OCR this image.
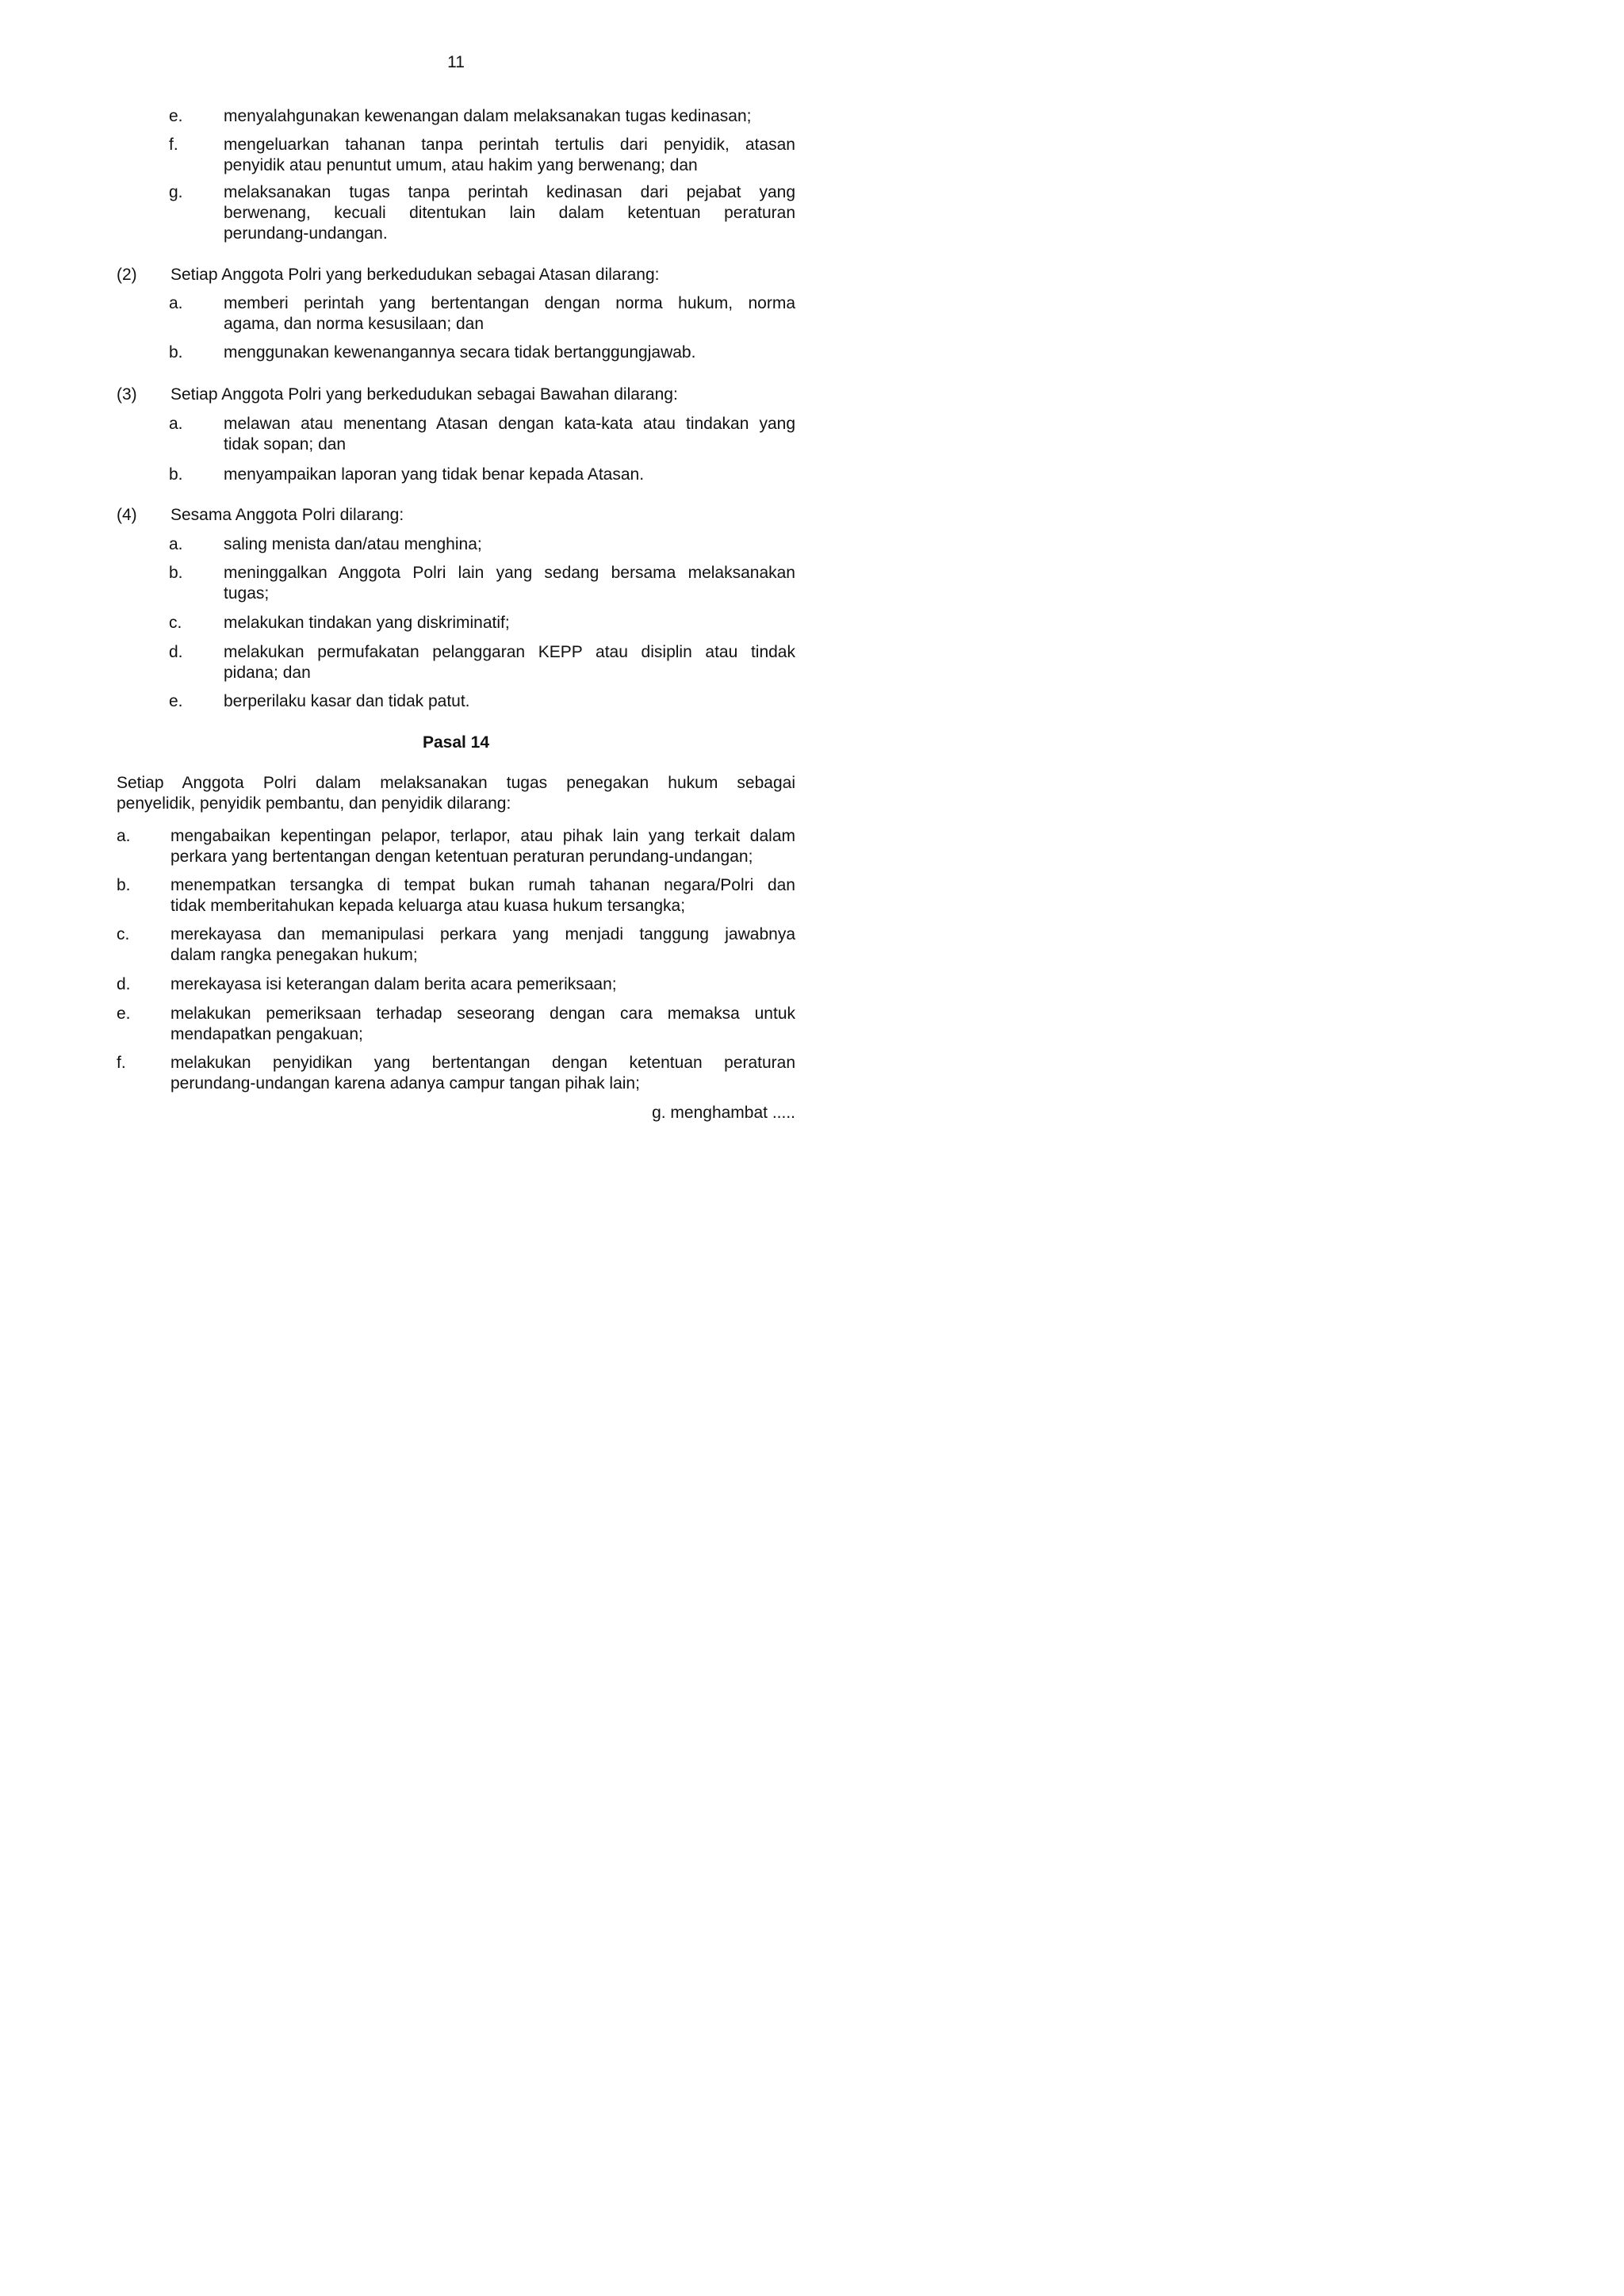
11
e. menyalahgunakan kewenangan dalam melaksanakan tugas kedinasan;
f.	mengeluarkan tahanan tanpa perintah tertulis dari penyidik, atasan
penyidik atau penuntut umum, atau hakim yang berwenang; dan
g. melaksanakan tugas tanpa perintah kedinasan dari pejabat yang
berwenang, kecuali ditentukan lain dalam ketentuan peraturan
perundang-undangan.
(2) Setiap Anggota Polri yang berkedudukan sebagai Atasan dilarang:
a. memberi perintah yang bertentangan dengan norma hukum, norma
agama, dan norma kesusilaan; dan
b. menggunakan kewenangannya secara tidak bertanggungjawab.
(3) Setiap Anggota Polri yang berkedudukan sebagai Bawahan dilarang:
a. melawan atau menentang Atasan dengan kata-kata atau tindakan yang
tidak sopan; dan
b. menyampaikan laporan yang tidak benar kepada Atasan.
(4) Sesama Anggota Polri dilarang:
a. saling menista dan/atau menghina;
b. meninggalkan Anggota Polri lain yang sedang bersama melaksanakan
tugas;
c.	melakukan tindakan yang diskriminatif;
d. melakukan permufakatan pelanggaran KEPP atau disiplin atau tindak
pidana; dan
e. berperilaku kasar dan tidak patut.
Pasal 14
Setiap Anggota Polri dalam melaksanakan tugas penegakan hukum sebagai
penyelidik, penyidik pembantu, dan penyidik dilarang:
a. mengabaikan kepentingan pelapor, terlapor, atau pihak lain yang terkait dalam
perkara yang bertentangan dengan ketentuan peraturan perundang-undangan;
b. menempatkan tersangka di tempat bukan rumah tahanan negara/Polri dan
tidak memberitahukan kepada keluarga atau kuasa hukum tersangka;
c. merekayasa dan memanipulasi perkara yang menjadi tanggung jawabnya
dalam rangka penegakan hukum;
d. merekayasa isi keterangan dalam berita acara pemeriksaan;
e. melakukan pemeriksaan terhadap seseorang dengan cara memaksa untuk
mendapatkan pengakuan;
f.	melakukan penyidikan yang bertentangan dengan ketentuan peraturan
perundang-undangan karena adanya campur tangan pihak lain;
g. menghambat .....
